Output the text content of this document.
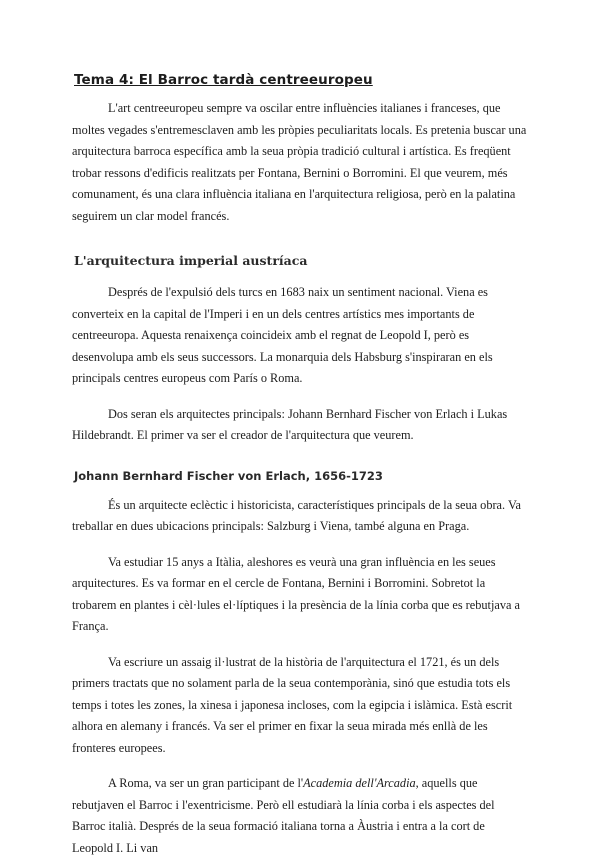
Tema 4: El Barroc tardà centreeuropeu

L'art centreeuropeu sempre va oscilar entre influències italianes i franceses, que moltes vegades s'entremesclaven amb les pròpies peculiaritats locals. Es pretenia buscar una arquitectura barroca específica amb la seua pròpia tradició cultural i artística. Es freqüent trobar ressons d'edificis realitzats per Fontana, Bernini o Borromini. El que veurem, més comunament, és una clara influència italiana en l'arquitectura religiosa, però en la palatina seguirem un clar model francés.

L'arquitectura imperial austríaca

Després de l'expulsió dels turcs en 1683 naix un sentiment nacional. Viena es converteix en la capital de l'Imperi i en un dels centres artístics mes importants de centreeuropa. Aquesta renaixença coincideix amb el regnat de Leopold I, però es desenvolupa amb els seus successors. La monarquia dels Habsburg s'inspiraran en els principals centres europeus com París o Roma.

Dos seran els arquitectes principals: Johann Bernhard Fischer von Erlach i Lukas Hildebrandt. El primer va ser el creador de l'arquitectura que veurem.

Johann Bernhard Fischer von Erlach, 1656-1723

És un arquitecte eclèctic i historicista, característiques principals de la seua obra. Va treballar en dues ubicacions principals: Salzburg i Viena, també alguna en Praga.

Va estudiar 15 anys a Itàlia, aleshores es veurà una gran influència en les seues arquitectures. Es va formar en el cercle de Fontana, Bernini i Borromini. Sobretot la trobarem en plantes i cèl·lules el·líptiques i la presència de la línia corba que es rebutjava a França.

Va escriure un assaig il·lustrat de la història de l'arquitectura el 1721, és un dels primers tractats que no solament parla de la seua contemporània, sinó que estudia tots els temps i totes les zones, la xinesa i japonesa incloses, com la egipcia i islàmica. Està escrit alhora en alemany i francés. Va ser el primer en fixar la seua mirada més enllà de les fronteres europees.

A Roma, va ser un gran participant de l'Academia dell'Arcadia, aquells que rebutjaven el Barroc i l'exentricisme. Però ell estudiarà la línia corba i els aspectes del Barroc italià. Després de la seua formació italiana torna a Àustria i entra a la cort de Leopold I. Li van
